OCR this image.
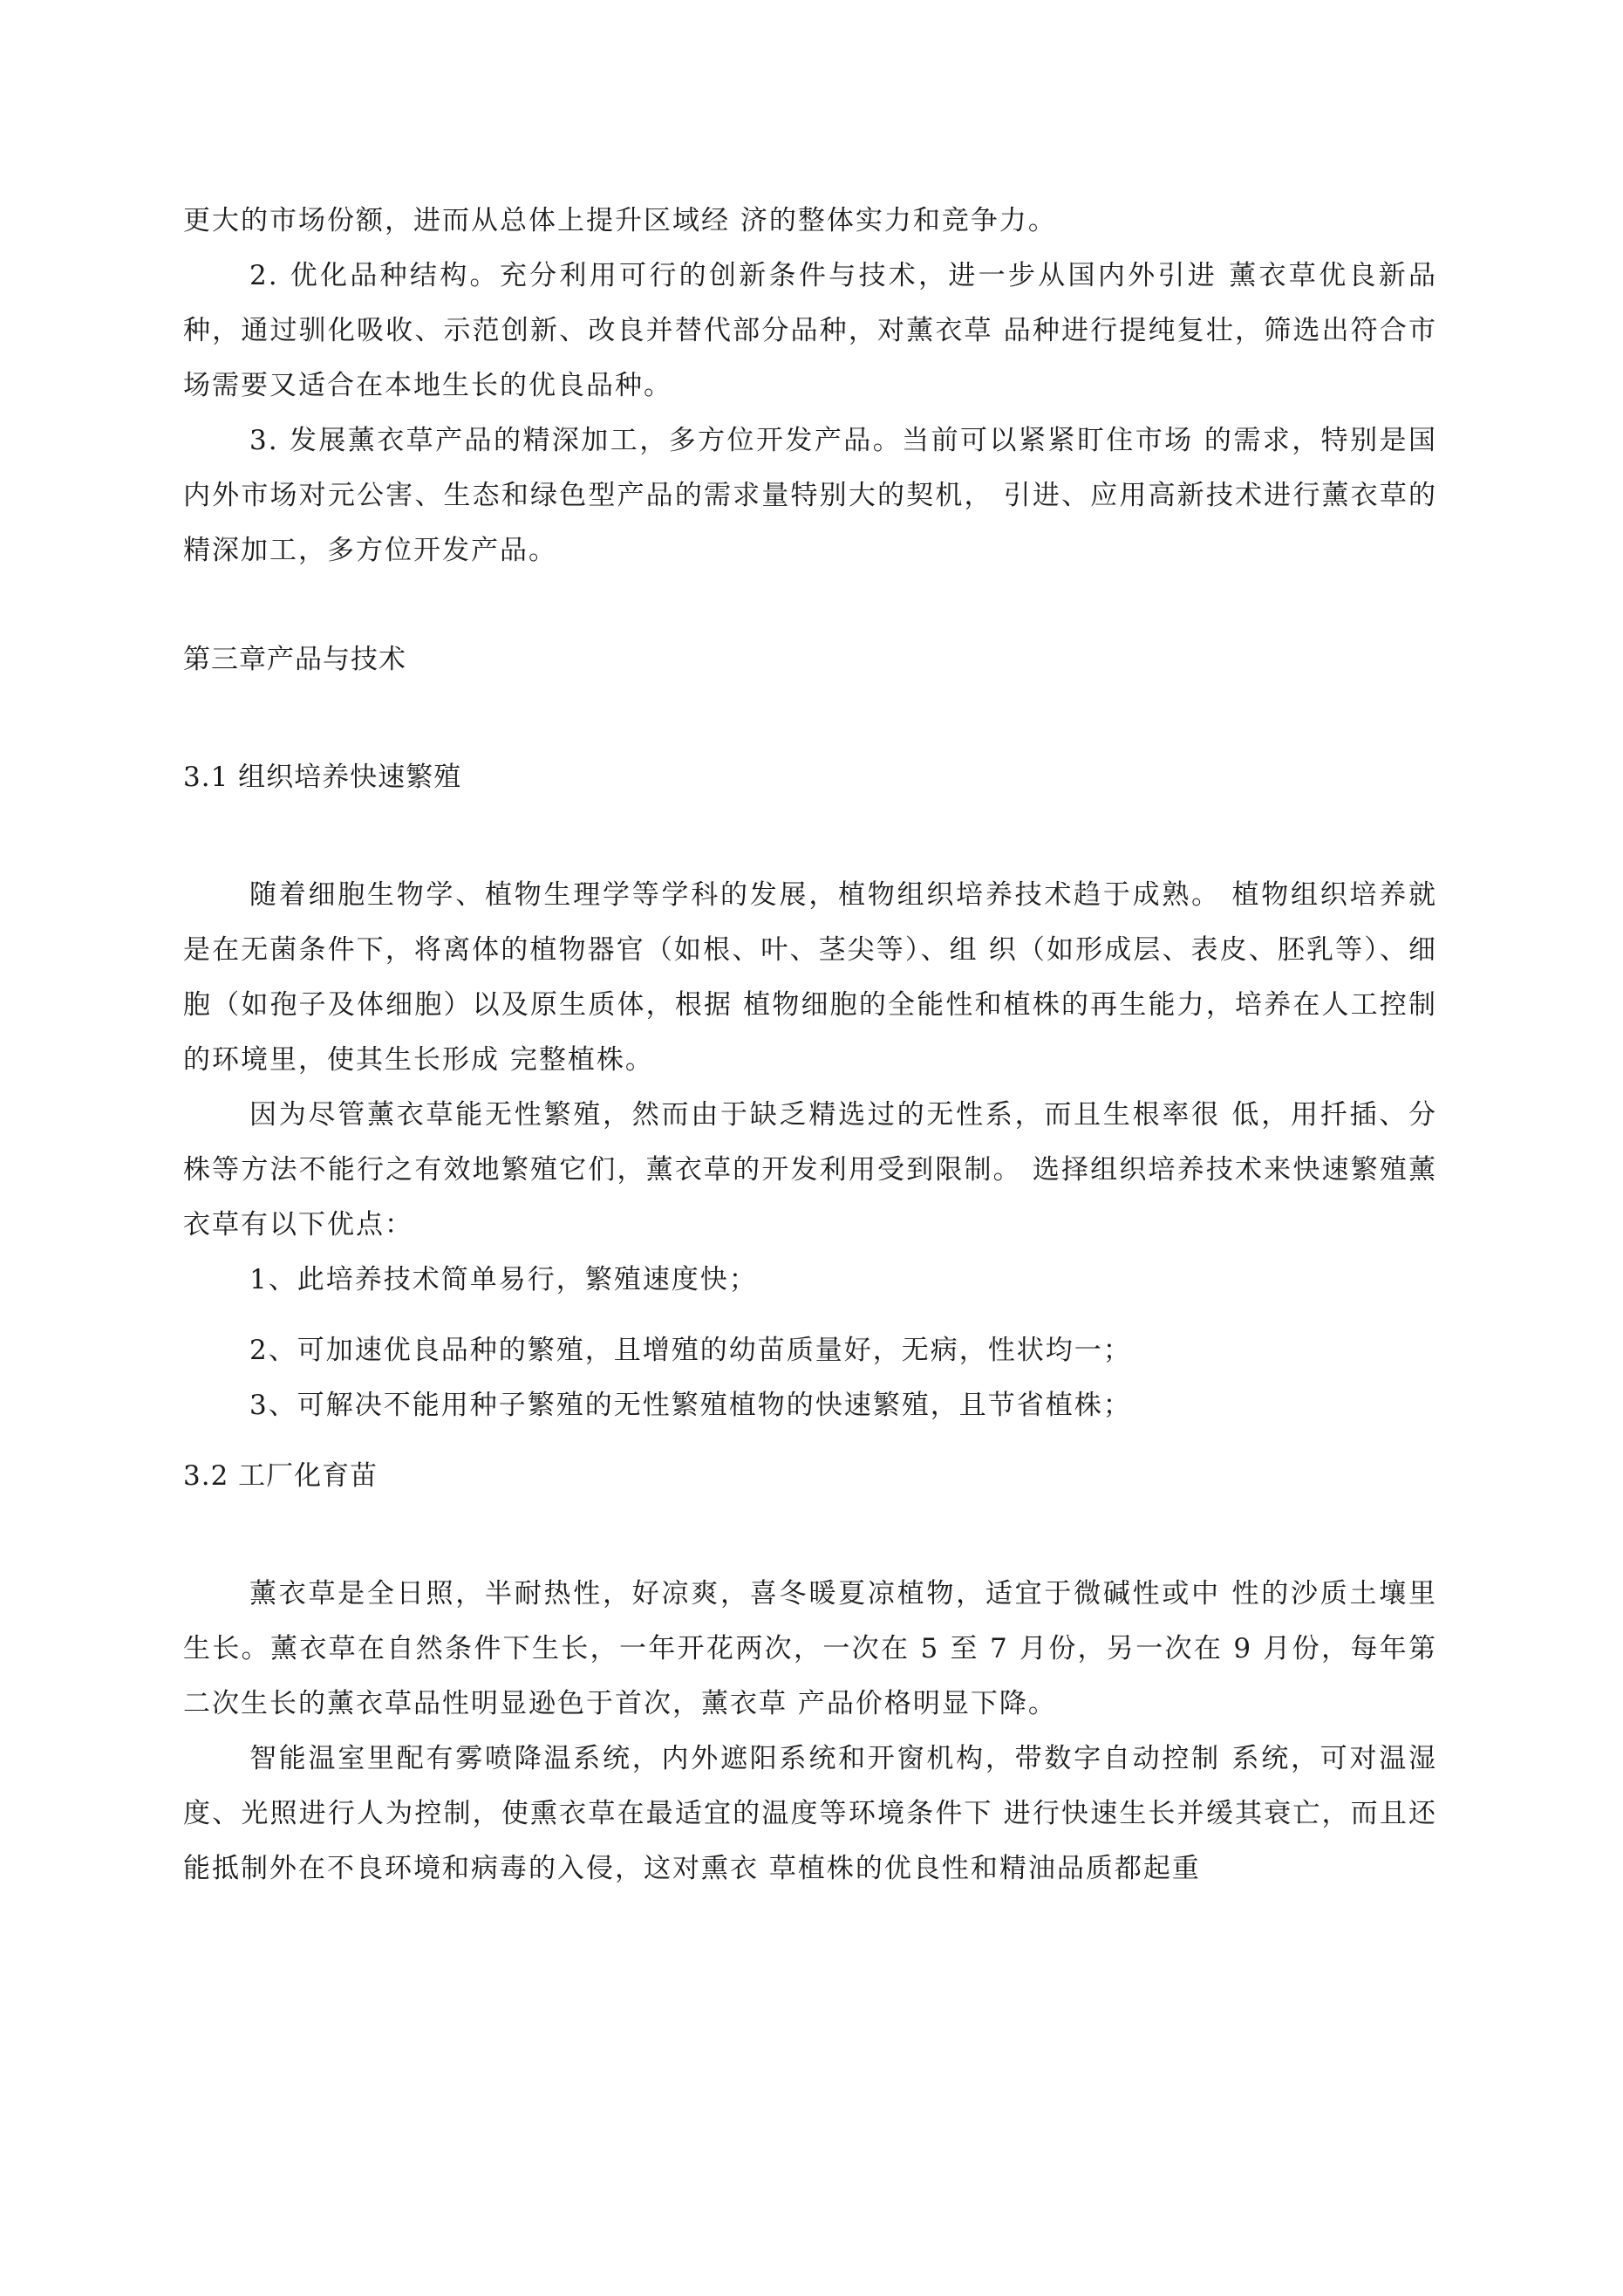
更大的市场份额，进而从总体上提升区域经 济的整体实力和竞争力。

2. 优化品种结构。充分利用可行的创新条件与技术，进一步从国内外引进 薰衣草优良新品种，通过驯化吸收、示范创新、改良并替代部分品种，对薰衣草 品种进行提纯复壮，筛选出符合市场需要又适合在本地生长的优良品种。

3. 发展薰衣草产品的精深加工，多方位开发产品。当前可以紧紧盯住市场 的需求，特别是国内外市场对元公害、生态和绿色型产品的需求量特别大的契机， 引进、应用高新技术进行薰衣草的精深加工，多方位开发产品。

第三章产品与技术
3.1 组织培养快速繁殖

随着细胞生物学、植物生理学等学科的发展，植物组织培养技术趋于成熟。 植物组织培养就是在无菌条件下，将离体的植物器官（如根、叶、茎尖等）、组 织（如形成层、表皮、胚乳等）、细胞（如孢子及体细胞）以及原生质体，根据 植物细胞的全能性和植株的再生能力，培养在人工控制的环境里，使其生长形成 完整植株。

因为尽管薰衣草能无性繁殖，然而由于缺乏精选过的无性系，而且生根率很 低，用扦插、分株等方法不能行之有效地繁殖它们，薰衣草的开发利用受到限制。 选择组织培养技术来快速繁殖薰衣草有以下优点：

1、此培养技术简单易行，繁殖速度快；

2、可加速优良品种的繁殖，且增殖的幼苗质量好，无病，性状均一；

3、可解决不能用种子繁殖的无性繁殖植物的快速繁殖，且节省植株；

3.2 工厂化育苗

薰衣草是全日照，半耐热性，好凉爽，喜冬暖夏凉植物，适宜于微碱性或中 性的沙质土壤里生长。薰衣草在自然条件下生长，一年开花两次，一次在 5 至 7 月份，另一次在 9 月份，每年第二次生长的薰衣草品性明显逊色于首次，薰衣草 产品价格明显下降。

智能温室里配有雾喷降温系统，内外遮阳系统和开窗机构，带数字自动控制 系统，可对温湿度、光照进行人为控制，使熏衣草在最适宜的温度等环境条件下 进行快速生长并缓其衰亡，而且还能抵制外在不良环境和病毒的入侵，这对熏衣 草植株的优良性和精油品质都起重
